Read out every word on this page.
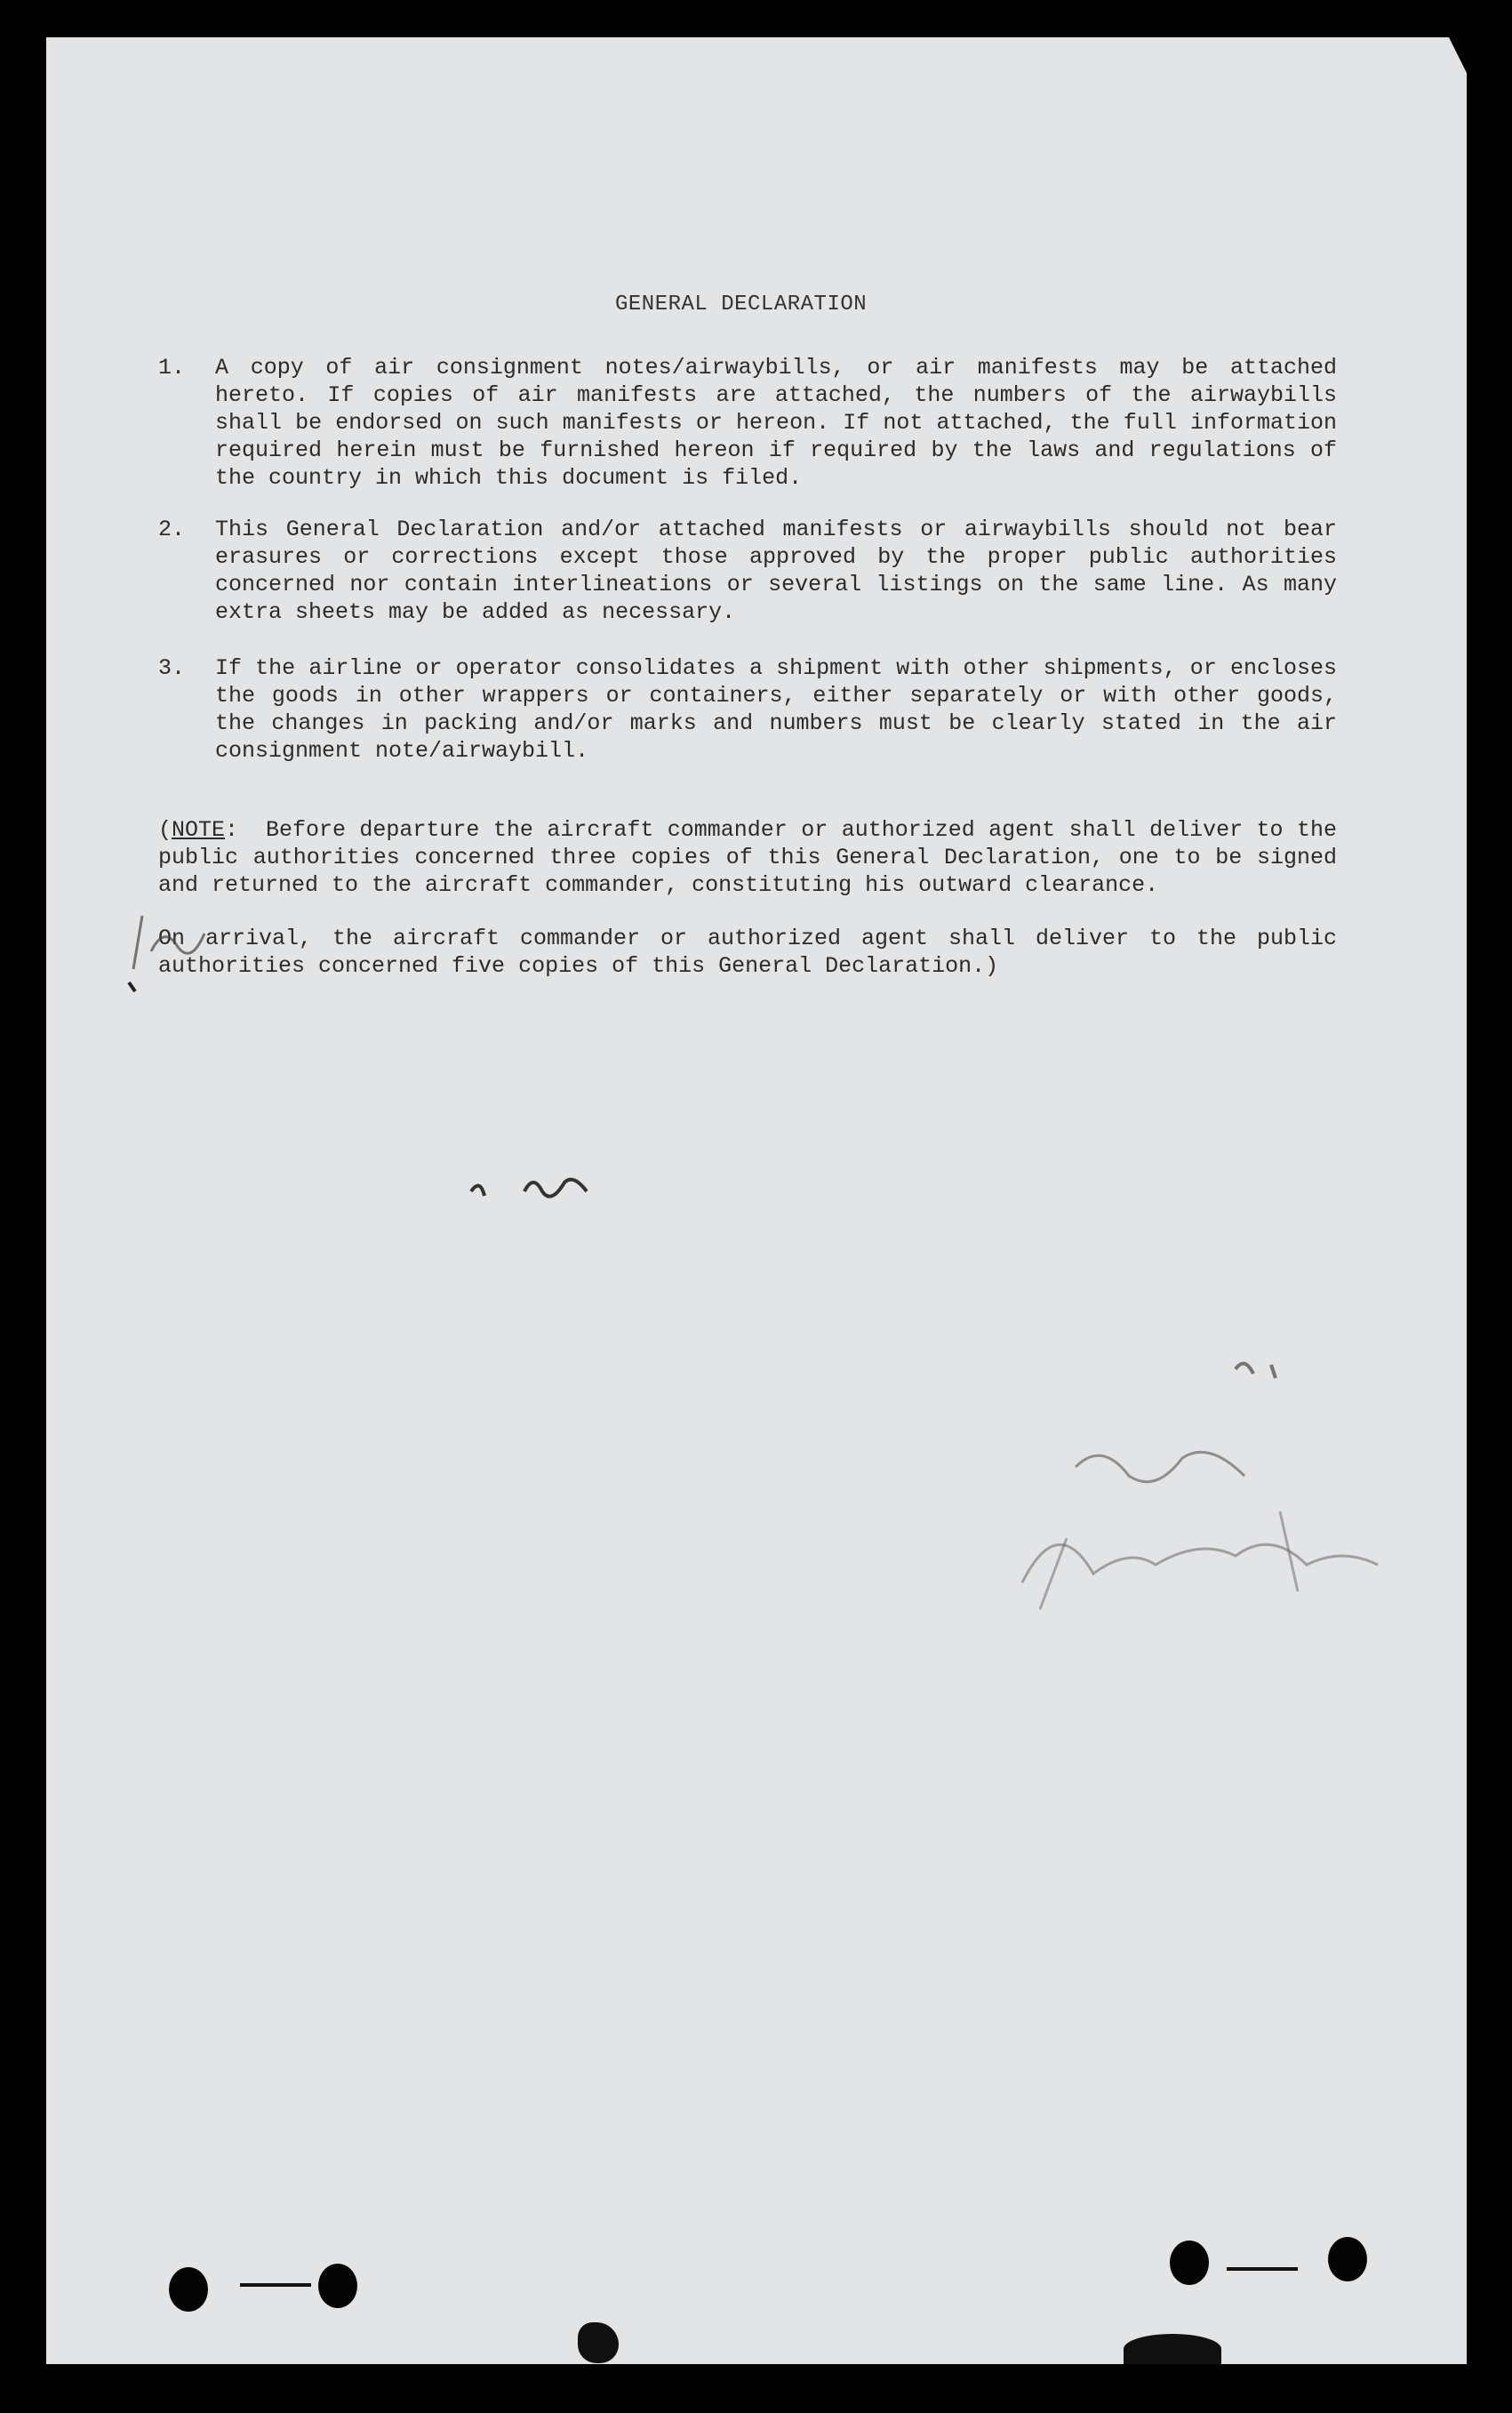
GENERAL DECLARATION
1.	A copy of air consignment notes/airwaybills, or air manifests may be attached hereto. If copies of air manifests are attached, the numbers of the airwaybills shall be endorsed on such manifests or hereon. If not attached, the full information required herein must be furnished hereon if required by the laws and regulations of the country in which this document is filed.
2.	This General Declaration and/or attached manifests or airwaybills should not bear erasures or corrections except those approved by the proper public authorities concerned nor contain interlineations or several listings on the same line. As many extra sheets may be added as necessary.
3.	If the airline or operator consolidates a shipment with other shipments, or encloses the goods in other wrappers or containers, either separately or with other goods, the changes in packing and/or marks and numbers must be clearly stated in the air consignment note/airwaybill.
(NOTE:  Before departure the aircraft commander or authorized agent shall deliver to the public authorities concerned three copies of this General Declaration, one to be signed and returned to the aircraft commander, constituting his outward clearance.
On arrival, the aircraft commander or authorized agent shall deliver to the public authorities concerned five copies of this General Declaration.)
